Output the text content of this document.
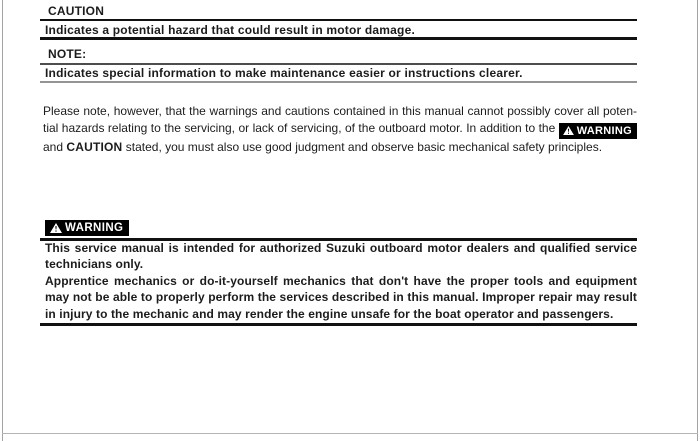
CAUTION
Indicates a potential hazard that could result in motor damage.
NOTE:
Indicates special information to make maintenance easier or instructions clearer.
Please note, however, that the warnings and cautions contained in this manual cannot possibly cover all poten-
tial hazards relating to the servicing, or lack of servicing, of the outboard motor. In addition to the WARNING
and CAUTION stated, you must also use good judgment and observe basic mechanical safety principles.
WARNING
This service manual is intended for authorized Suzuki outboard motor dealers and qualified service
technicians only.
Apprentice mechanics or do-it-yourself mechanics that don't have the proper tools and equipment
may not be able to properly perform the services described in this manual. Improper repair may result
in injury to the mechanic and may render the engine unsafe for the boat operator and passengers.
